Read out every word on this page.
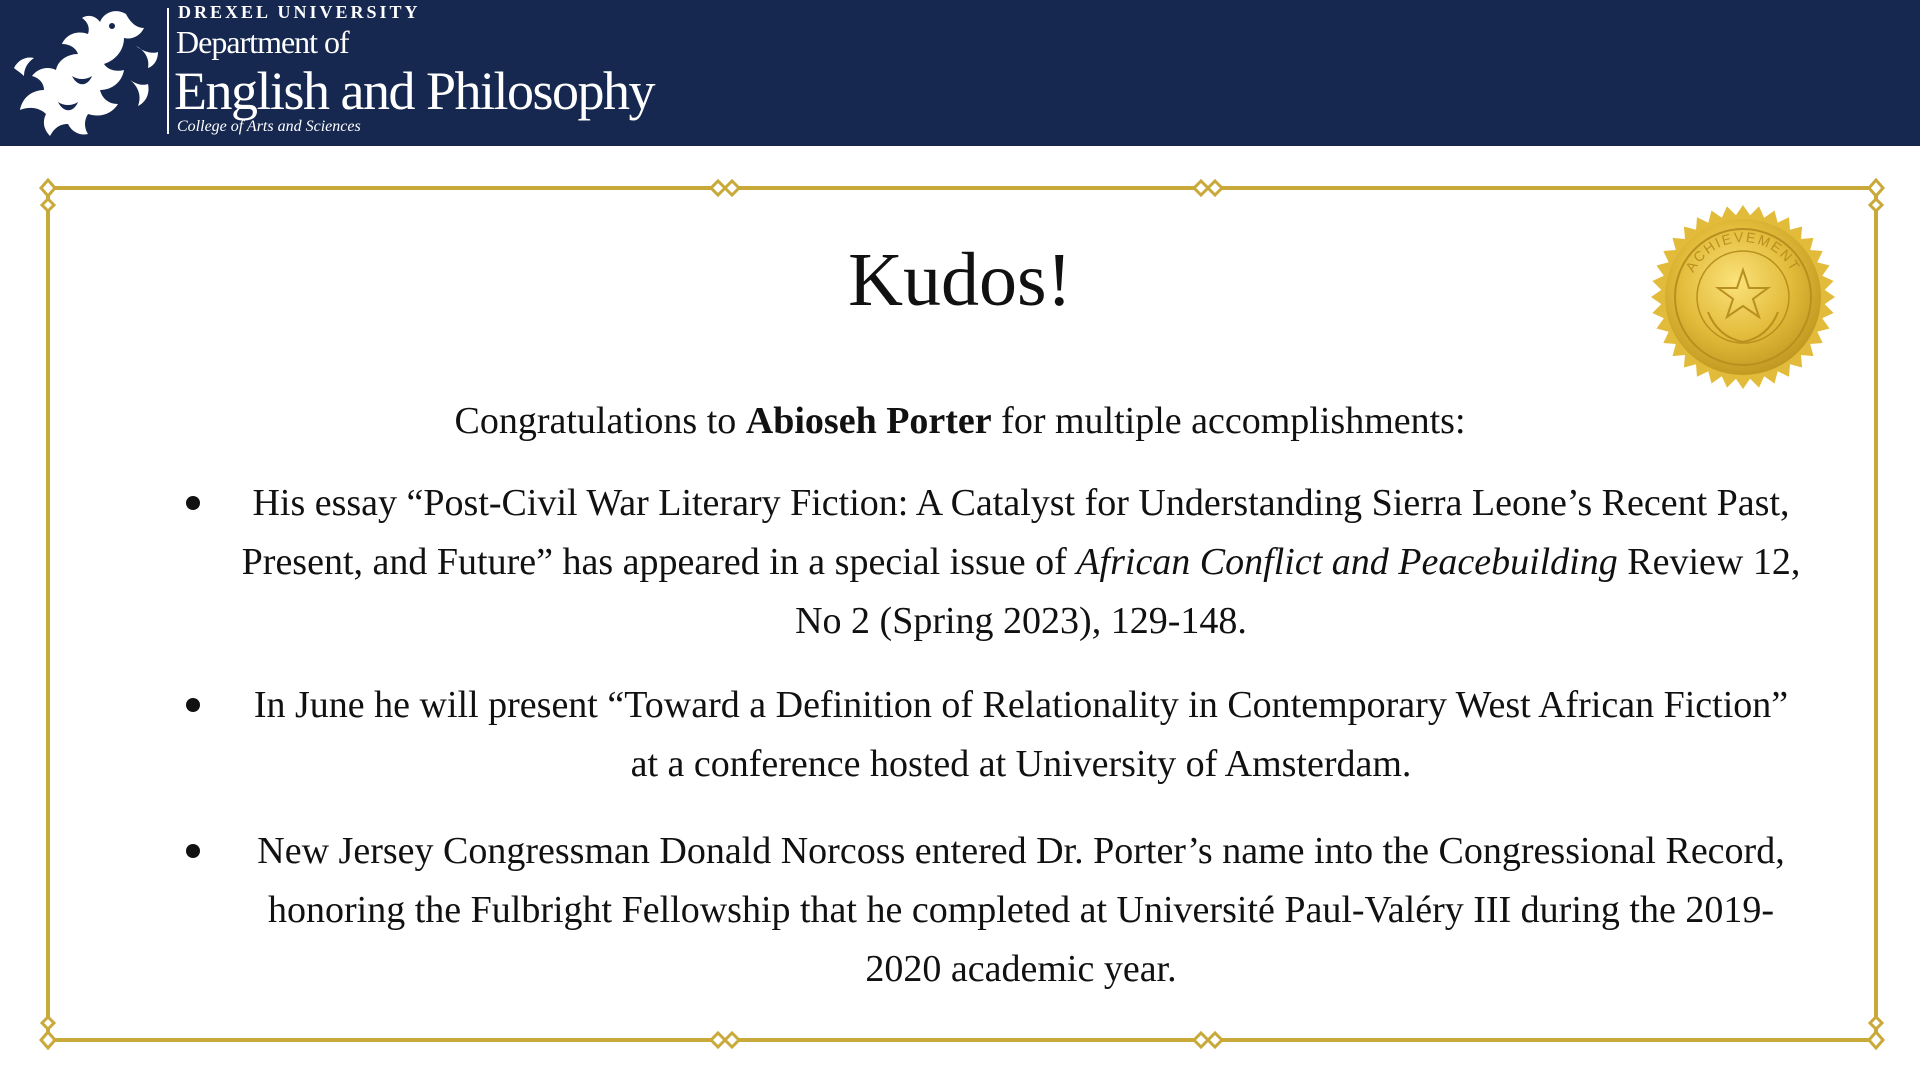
DREXEL UNIVERSITY
Department of
English and Philosophy
College of Arts and Sciences
ACHIEVEMENT
Kudos!
Congratulations to Abioseh Porter for multiple accomplishments:
His essay “Post-Civil War Literary Fiction: A Catalyst for Understanding Sierra Leone’s Recent Past, Present, and Future” has appeared in a special issue of African Conflict and Peacebuilding Review 12, No 2 (Spring 2023), 129-148.
In June he will present “Toward a Definition of Relationality in Contemporary West African Fiction” at a conference hosted at University of Amsterdam.
New Jersey Congressman Donald Norcoss entered Dr. Porter’s name into the Congressional Record, honoring the Fulbright Fellowship that he completed at Université Paul-Valéry III during the 2019-2020 academic year.
